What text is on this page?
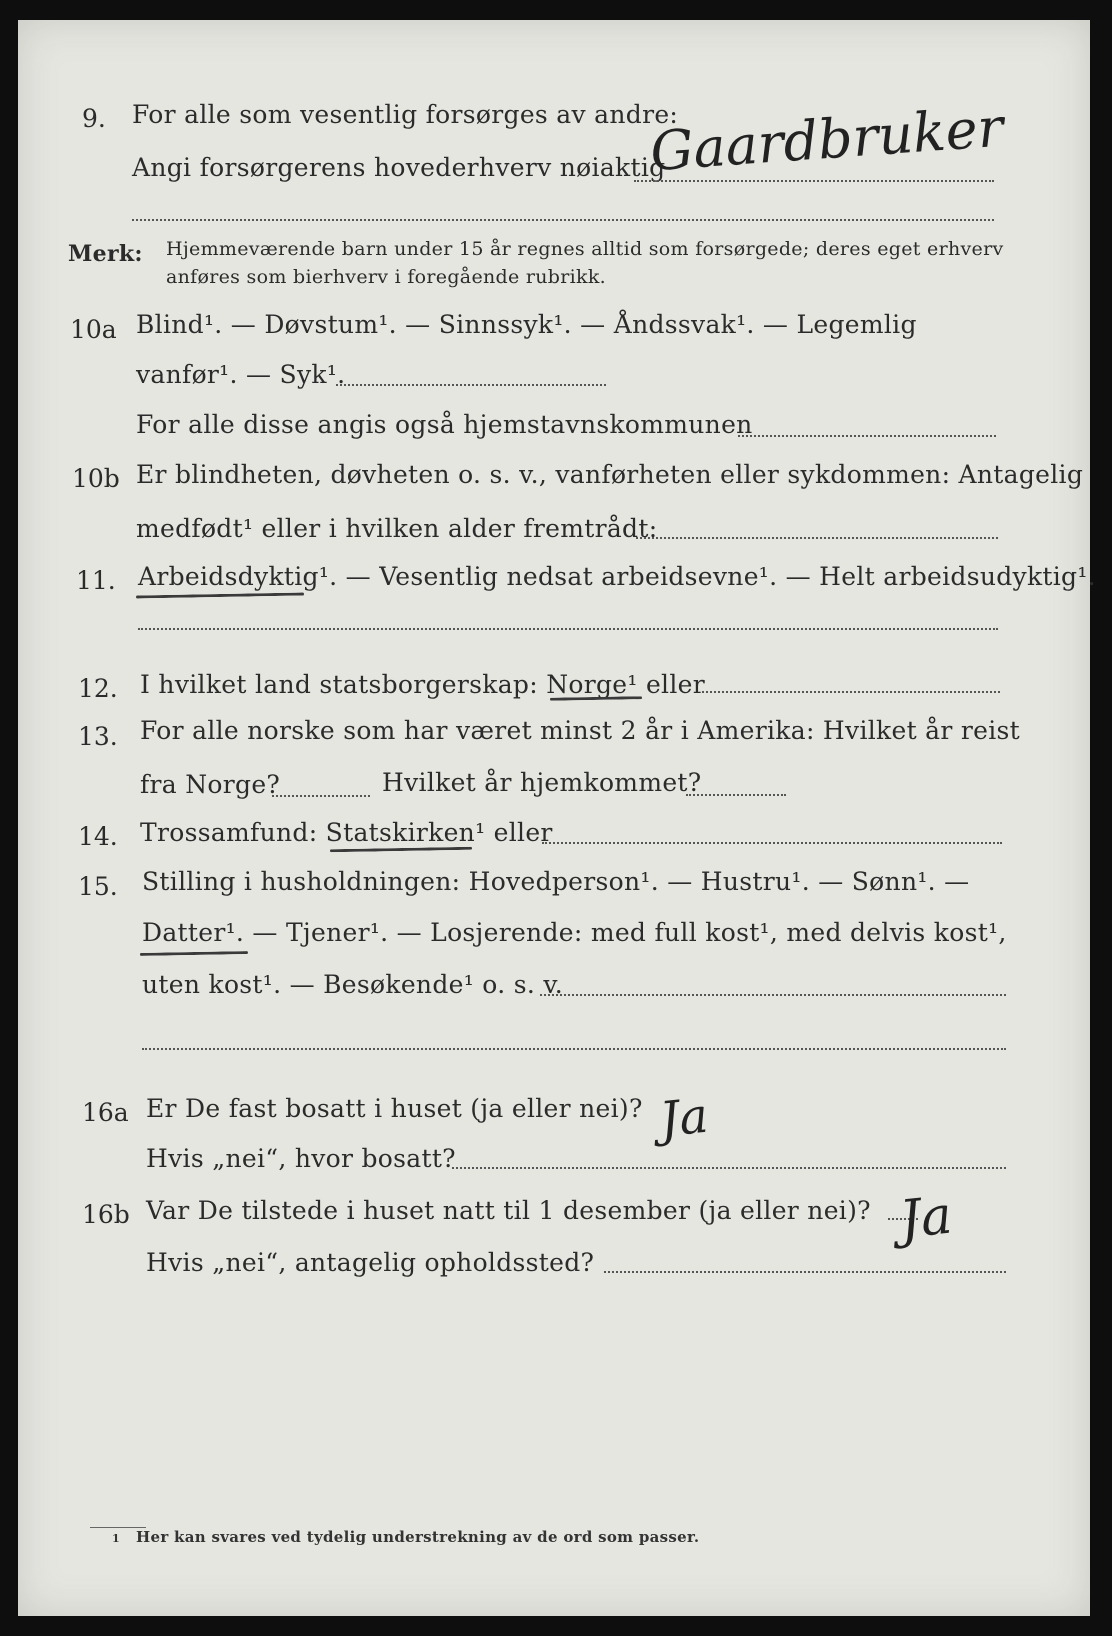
9. For alle som vesentlig forsørges av andre:
Angi forsørgerens hovederhverv nøiaktig
Gaardbruker
Merk: Hjemmeværende barn under 15 år regnes alltid som forsørgede; deres eget erhverv
anføres som bierhverv i foregående rubrikk.
10a Blind¹. — Døvstum¹. — Sinnssyk¹. — Åndssvak¹. — Legemlig
vanfør¹. — Syk¹.
For alle disse angis også hjemstavnskommunen
10b Er blindheten, døvheten o. s. v., vanførheten eller sykdommen: Antagelig
medfødt¹ eller i hvilken alder fremtrådt:
11. Arbeidsdyktig¹. — Vesentlig nedsat arbeidsevne¹. — Helt arbeidsudyktig¹.
12. I hvilket land statsborgerskap: Norge¹ eller
13. For alle norske som har været minst 2 år i Amerika: Hvilket år reist
fra Norge?	Hvilket år hjemkommet?
14. Trossamfund: Statskirken¹ eller
15. Stilling i husholdningen: Hovedperson¹. — Hustru¹. — Sønn¹. —
Datter¹. — Tjener¹. — Losjerende: med full kost¹, med delvis kost¹,
uten kost¹. — Besøkende¹ o. s. v.
16a Er De fast bosatt i huset (ja eller nei)? Ja
Hvis „nei“, hvor bosatt?
16b Var De tilstede i huset natt til 1 desember (ja eller nei)? Ja
Hvis „nei“, antagelig opholdssted?
1 Her kan svares ved tydelig understrekning av de ord som passer.
